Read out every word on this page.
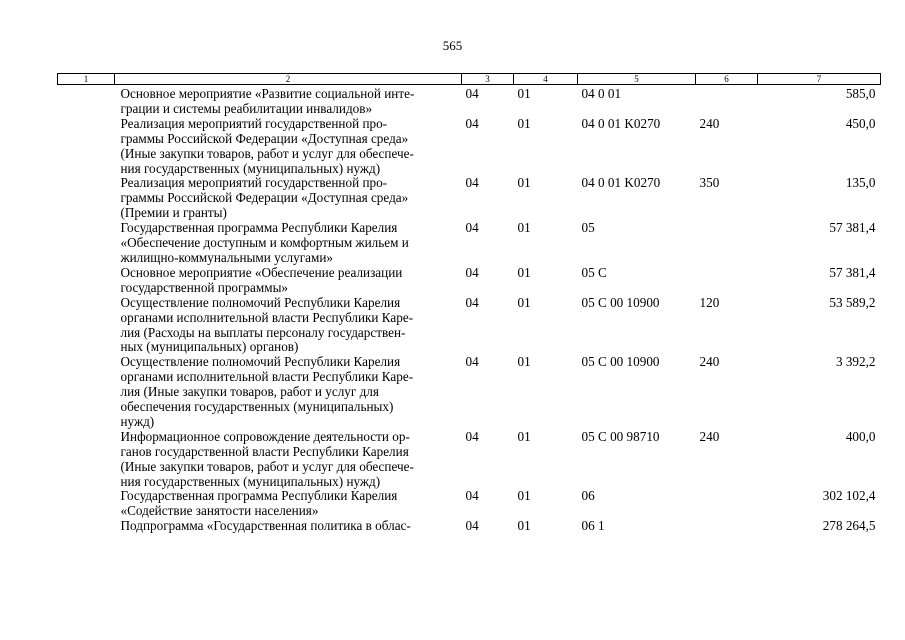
565
1	2	3	4	5	6	7

	Основное мероприятие «Развитие социальной инте-
грации и системы реабилитации инвалидов»	04	01	04 0 01		585,0

	Реализация мероприятий государственной про-
граммы Российской Федерации «Доступная среда»
(Иные закупки товаров, работ и услуг для обеспече-
ния государственных (муниципальных) нужд)	04	01	04 0 01 K0270	240	450,0

	Реализация мероприятий государственной про-
граммы Российской Федерации «Доступная среда»
(Премии и гранты)	04	01	04 0 01 K0270	350	135,0

	Государственная программа Республики Карелия
«Обеспечение доступным и комфортным жильем и
жилищно-коммунальными услугами»	04	01	05		57 381,4

	Основное мероприятие «Обеспечение реализации
государственной программы»	04	01	05 С		57 381,4

	Осуществление полномочий Республики Карелия
органами исполнительной власти Республики Каре-
лия (Расходы на выплаты персоналу государствен-
ных (муниципальных) органов)	04	01	05 С 00 10900	120	53 589,2

	Осуществление полномочий Республики Карелия
органами исполнительной власти Республики Каре-
лия (Иные закупки товаров, работ и услуг для
обеспечения государственных (муниципальных)
нужд)	04	01	05 С 00 10900	240	3 392,2

	Информационное сопровождение деятельности ор-
ганов государственной власти Республики Карелия
(Иные закупки товаров, работ и услуг для обеспече-
ния государственных (муниципальных) нужд)	04	01	05 С 00 98710	240	400,0

	Государственная программа Республики Карелия
«Содействие занятости населения»	04	01	06		302 102,4

	Подпрограмма «Государственная политика в облас-	04	01	06 1		278 264,5
